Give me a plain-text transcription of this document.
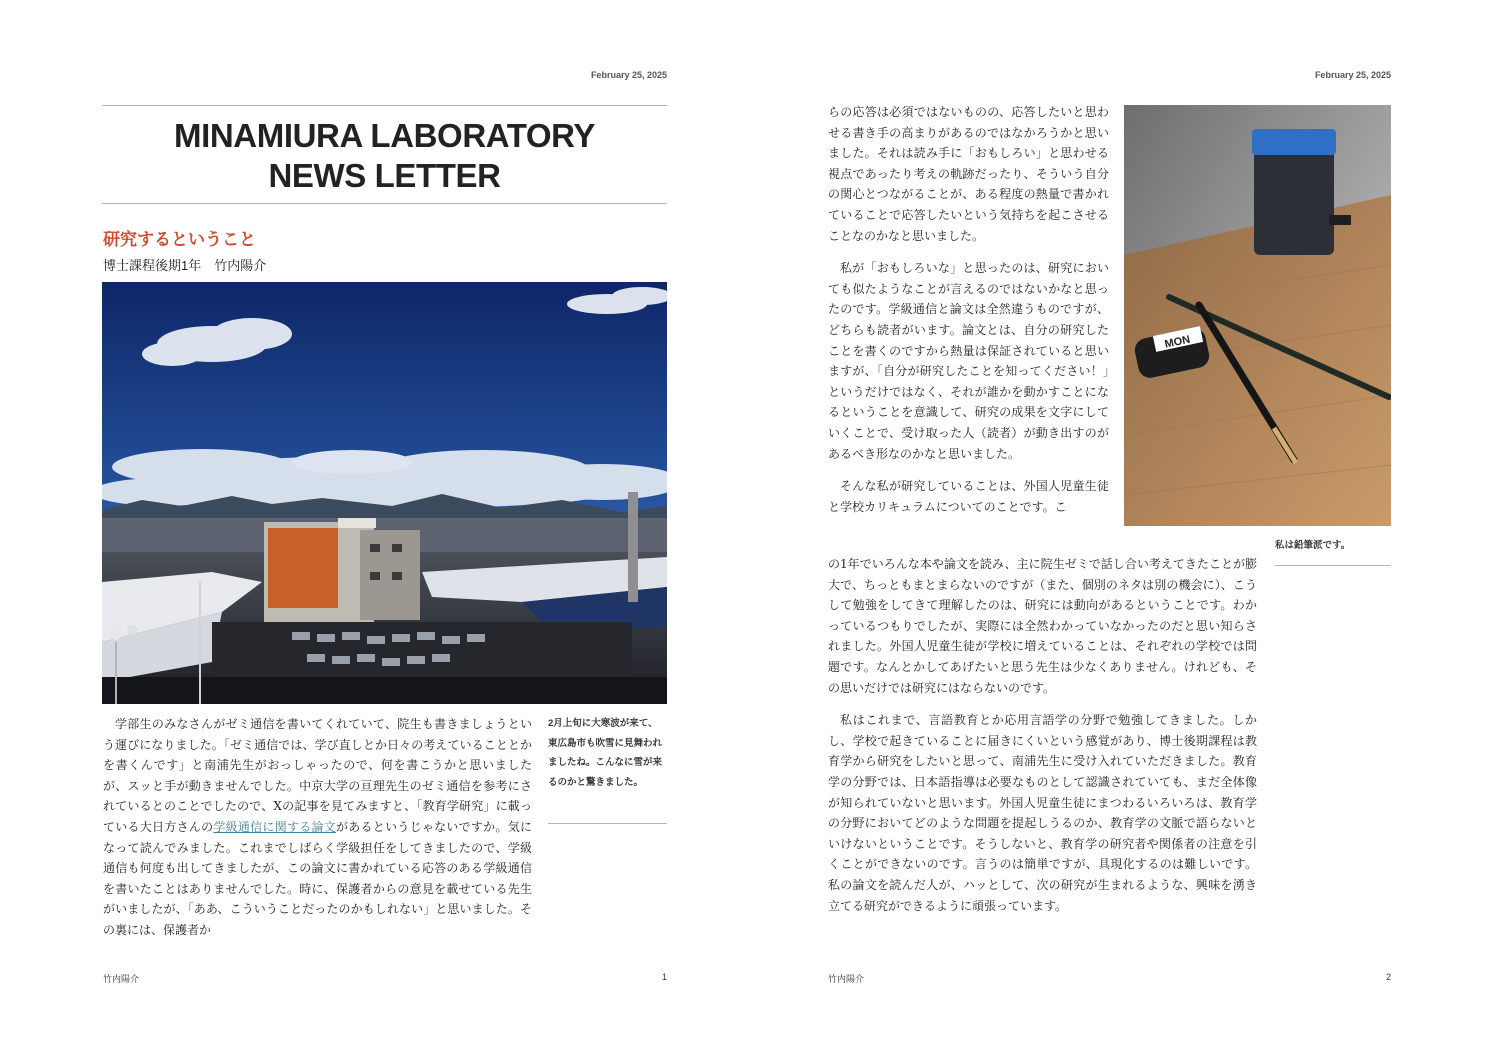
February 25, 2025
MINAMIURA LABORATORY
NEWS LETTER
研究するということ
博士課程後期1年　竹内陽介

学部生のみなさんがゼミ通信を書いてくれていて、院生も書きましょうという運びになりました。「ゼミ通信では、学び直しとか日々の考えていることとかを書くんです」と南浦先生がおっしゃったので、何を書こうかと思いましたが、スッと手が動きませんでした。中京大学の亘理先生のゼミ通信を参考にされているとのことでしたので、Xの記事を見てみますと、「教育学研究」に載っている大日方さんの学級通信に関する論文があるというじゃないですか。気になって読んでみました。これまでしばらく学級担任をしてきましたので、学級通信も何度も出してきましたが、この論文に書かれている応答のある学級通信を書いたことはありませんでした。時に、保護者からの意見を載せている先生がいましたが、「ああ、こういうことだったのかもしれない」と思いました。その裏には、保護者か

2月上旬に大寒波が来て、東広島市も吹雪に見舞われましたね。こんなに雪が来るのかと驚きました。
竹内陽介	1
February 25, 2025
MON
私は鉛筆派です。

らの応答は必須ではないものの、応答したいと思わせる書き手の高まりがあるのではなかろうかと思いました。それは読み手に「おもしろい」と思わせる視点であったり考えの軌跡だったり、そういう自分の関心とつながることが、ある程度の熱量で書かれていることで応答したいという気持ちを起こさせることなのかなと思いました。

私が「おもしろいな」と思ったのは、研究においても似たようなことが言えるのではないかなと思ったのです。学級通信と論文は全然違うものですが、どちらも読者がいます。論文とは、自分の研究したことを書くのですから熱量は保証されていると思いますが、「自分が研究したことを知ってください！」というだけではなく、それが誰かを動かすことになるということを意識して、研究の成果を文字にしていくことで、受け取った人（読者）が動き出すのがあるべき形なのかなと思いました。

そんな私が研究していることは、外国人児童生徒と学校カリキュラムについてのことです。こ

の1年でいろんな本や論文を読み、主に院生ゼミで話し合い考えてきたことが膨大で、ちっともまとまらないのですが（また、個別のネタは別の機会に）、こうして勉強をしてきて理解したのは、研究には動向があるということです。わかっているつもりでしたが、実際には全然わかっていなかったのだと思い知らされました。外国人児童生徒が学校に増えていることは、それぞれの学校では問題です。なんとかしてあげたいと思う先生は少なくありません。けれども、その思いだけでは研究にはならないのです。

私はこれまで、言語教育とか応用言語学の分野で勉強してきました。しかし、学校で起きていることに届きにくいという感覚があり、博士後期課程は教育学から研究をしたいと思って、南浦先生に受け入れていただきました。教育学の分野では、日本語指導は必要なものとして認識されていても、まだ全体像が知られていないと思います。外国人児童生徒にまつわるいろいろは、教育学の分野においてどのような問題を提起しうるのか、教育学の文脈で語らないといけないということです。そうしないと、教育学の研究者や関係者の注意を引くことができないのです。言うのは簡単ですが、具現化するのは難しいです。私の論文を読んだ人が、ハッとして、次の研究が生まれるような、興味を湧き立てる研究ができるように頑張っています。

竹内陽介	2
